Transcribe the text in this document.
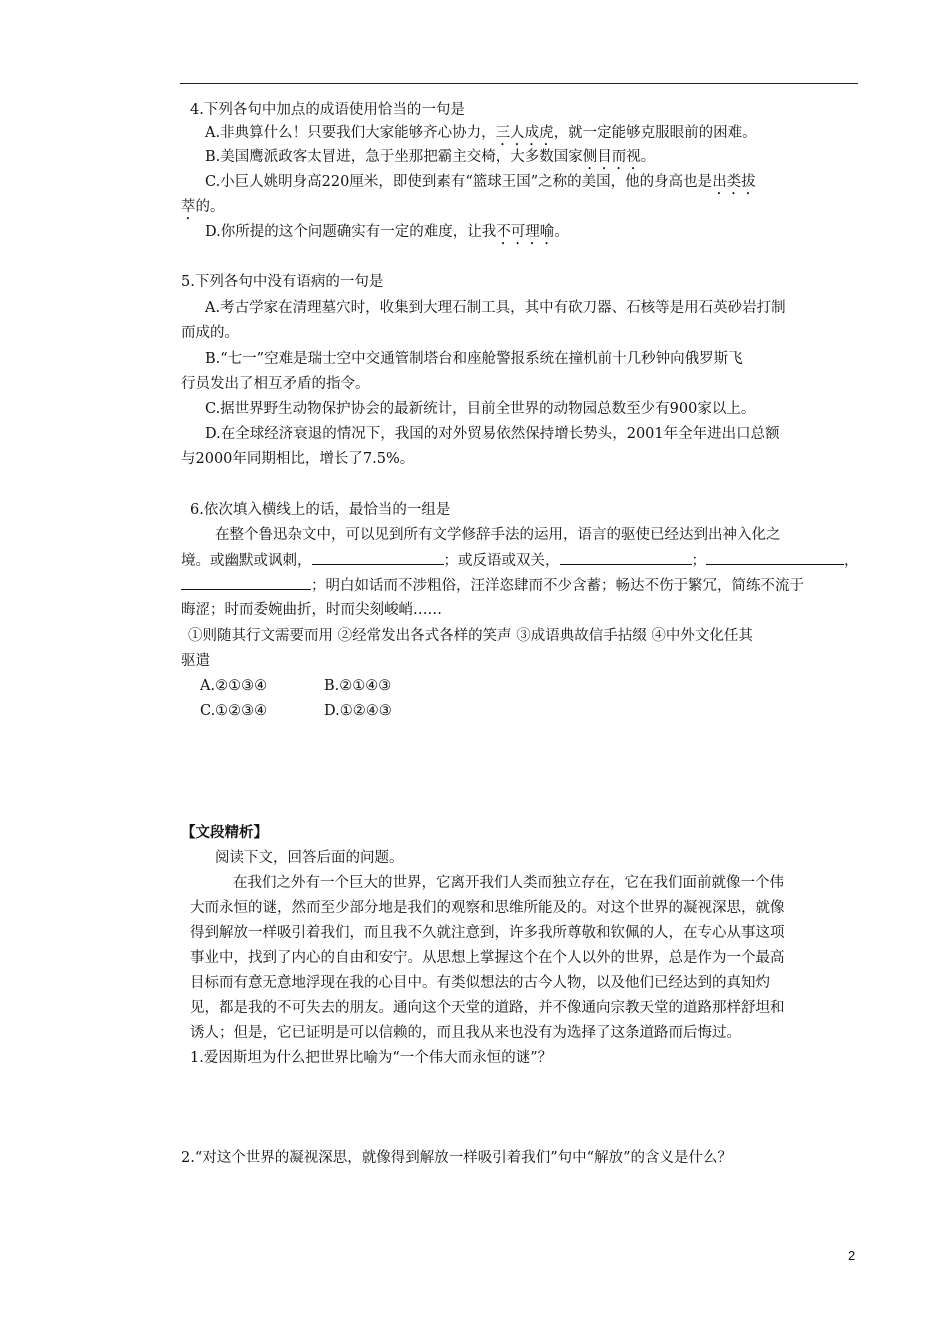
4.下列各句中加点的成语使用恰当的一句是
A.非典算什么！只要我们大家能够齐心协力，三人成虎，就一定能够克服眼前的困难。
B.美国鹰派政客太冒进，急于坐那把霸主交椅，大多数国家侧目而视。
C.小巨人姚明身高220厘米，即使到素有“篮球王国”之称的美国，他的身高也是出类拔
萃的。
D.你所提的这个问题确实有一定的难度，让我不可理喻。
5.下列各句中没有语病的一句是
A.考古学家在清理墓穴时，收集到大理石制工具，其中有砍刀器、石核等是用石英砂岩打制
而成的。
B.“七一”空难是瑞士空中交通管制塔台和座舱警报系统在撞机前十几秒钟向俄罗斯飞
行员发出了相互矛盾的指令。
C.据世界野生动物保护协会的最新统计，目前全世界的动物园总数至少有900家以上。
D.在全球经济衰退的情况下，我国的对外贸易依然保持增长势头，2001年全年进出口总额
与2000年同期相比，增长了7.5%。
6.依次填入横线上的话，最恰当的一组是
在整个鲁迅杂文中，可以见到所有文学修辞手法的运用，语言的驱使已经达到出神入化之
境。或幽默或讽刺，	；或反语或双关，	；	，
；明白如话而不涉粗俗，汪洋恣肆而不少含蓄；畅达不伤于繁冗，简练不流于
晦涩；时而委婉曲折，时而尖刻峻峭……
①则随其行文需要而用 ②经常发出各式各样的笑声 ③成语典故信手拈缀 ④中外文化任其
驱遣
A.②①③④	B.②①④③
C.①②③④	D.①②④③
【文段精析】
阅读下文，回答后面的问题。
在我们之外有一个巨大的世界，它离开我们人类而独立存在，它在我们面前就像一个伟
大而永恒的谜，然而至少部分地是我们的观察和思维所能及的。对这个世界的凝视深思，就像
得到解放一样吸引着我们，而且我不久就注意到，许多我所尊敬和钦佩的人，在专心从事这项
事业中，找到了内心的自由和安宁。从思想上掌握这个在个人以外的世界，总是作为一个最高
目标而有意无意地浮现在我的心目中。有类似想法的古今人物，以及他们已经达到的真知灼
见，都是我的不可失去的朋友。通向这个天堂的道路，并不像通向宗教天堂的道路那样舒坦和
诱人；但是，它已证明是可以信赖的，而且我从来也没有为选择了这条道路而后悔过。
1.爱因斯坦为什么把世界比喻为“一个伟大而永恒的谜”？
2.“对这个世界的凝视深思，就像得到解放一样吸引着我们”句中“解放”的含义是什么？
2
